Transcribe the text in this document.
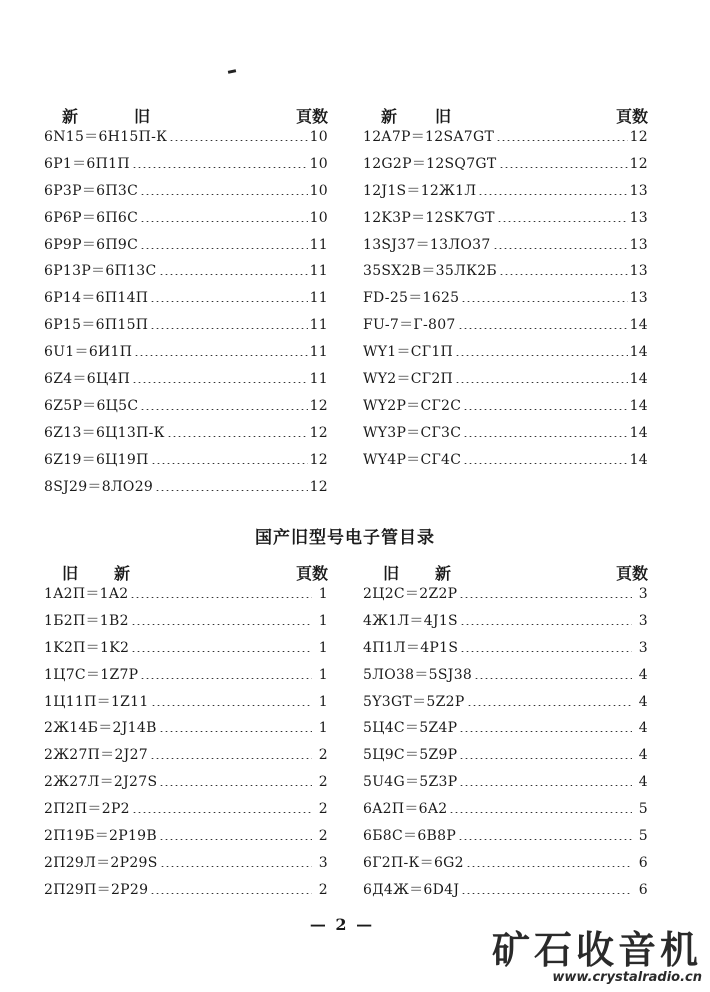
新	旧	頁数
6N15＝6H15П-К	10
6P1＝6П1П	10
6P3P＝6П3С	10
6P6P＝6П6С	10
6P9P＝6П9С	11
6P13P＝6П13С	11
6P14＝6П14П	11
6P15＝6П15П	11
6U1＝6И1П	11
6Z4＝6Ц4П	11
6Z5P＝6Ц5С	12
6Z13＝6Ц13П-К	12
6Z19＝6Ц19П	12
8SJ29＝8ЛО29	12
新 旧	頁数
12A7P＝12SA7GT	12
12G2P＝12SQ7GT	12
12J1S＝12Ж1Л	13
12K3P＝12SK7GT	13
13SJ37＝13ЛО37	13
35SX2B＝35ЛК2Б	13
FD-25＝1625	13
FU-7＝Г-807	14
WY1＝СГ1П	14
WY2＝СГ2П	14
WY2P＝СГ2С	14
WY3P＝СГ3С	14
WY4P＝СГ4С	14
国产旧型号电子管目录
旧 新	頁数
1A2П＝1A2	1
1Б2П＝1B2	1
1K2П＝1K2	1
1Ц7C＝1Z7P	1
1Ц11П＝1Z11	1
2Ж14Б＝2J14B	1
2Ж27П＝2J27	2
2Ж27Л＝2J27S	2
2П2П＝2P2	2
2П19Б＝2P19B	2
2П29Л＝2P29S	3
2П29П＝2P29	2
旧 新	頁数
2Ц2С＝2Z2P	3
4Ж1Л＝4J1S	3
4П1Л＝4P1S	3
5ЛО38＝5SJ38	4
5Y3GT＝5Z2P	4
5Ц4С＝5Z4P	4
5Ц9С＝5Z9P	4
5U4G＝5Z3P	4
6A2П＝6A2	5
6Б8С＝6B8P	5
6Г2П-К＝6G2	6
6Д4Ж＝6D4J	6
— 2 —
矿石收音机
www.crystalradio.cn
